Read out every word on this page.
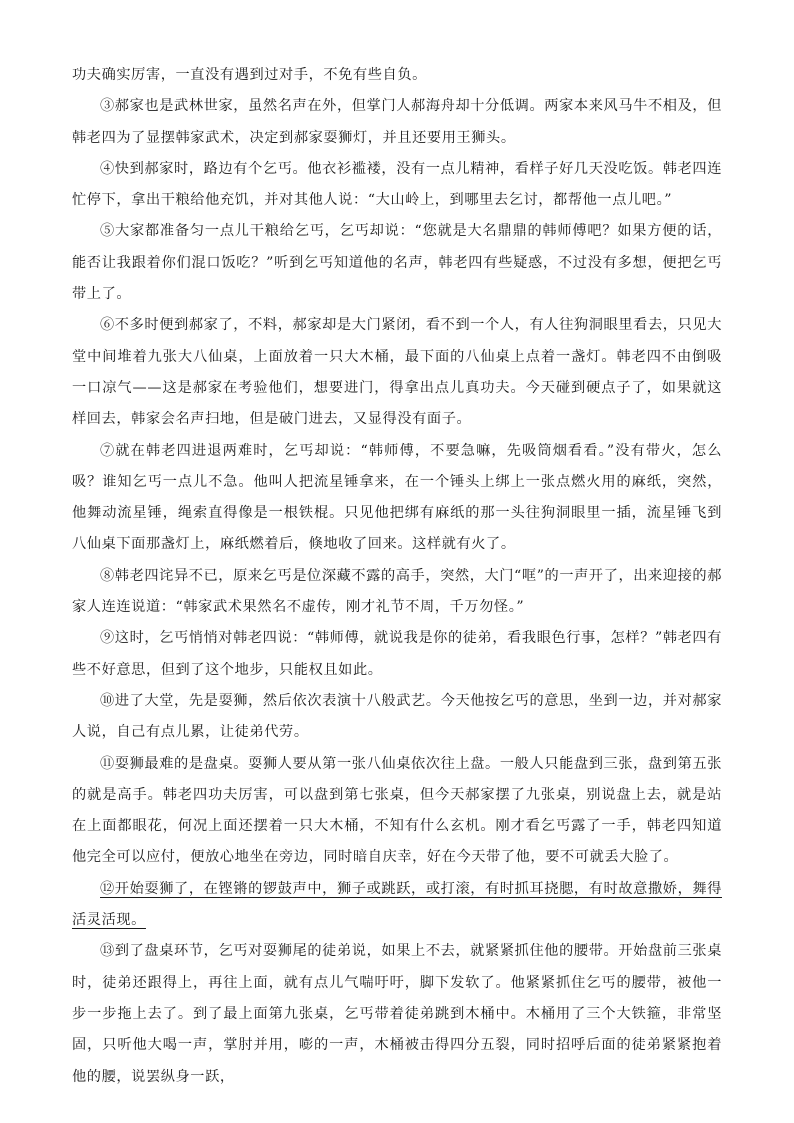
功夫确实厉害，一直没有遇到过对手，不免有些自负。

③郝家也是武林世家，虽然名声在外，但掌门人郝海舟却十分低调。两家本来风马牛不相及，但韩老四为了显摆韩家武术，决定到郝家耍狮灯，并且还要用王狮头。

④快到郝家时，路边有个乞丐。他衣衫褴褛，没有一点儿精神，看样子好几天没吃饭。韩老四连忙停下，拿出干粮给他充饥，并对其他人说：“大山岭上，到哪里去乞讨，都帮他一点儿吧。”

⑤大家都准备匀一点儿干粮给乞丐，乞丐却说：“您就是大名鼎鼎的韩师傅吧？如果方便的话，能否让我跟着你们混口饭吃？”听到乞丐知道他的名声，韩老四有些疑惑，不过没有多想，便把乞丐带上了。

⑥不多时便到郝家了，不料，郝家却是大门紧闭，看不到一个人，有人往狗洞眼里看去，只见大堂中间堆着九张大八仙桌，上面放着一只大木桶，最下面的八仙桌上点着一盏灯。韩老四不由倒吸一口凉气——这是郝家在考验他们，想要进门，得拿出点儿真功夫。今天碰到硬点子了，如果就这样回去，韩家会名声扫地，但是破门进去，又显得没有面子。

⑦就在韩老四进退两难时，乞丐却说：“韩师傅，不要急嘛，先吸筒烟看看。”没有带火，怎么吸？谁知乞丐一点儿不急。他叫人把流星锤拿来，在一个锤头上绑上一张点燃火用的麻纸，突然，他舞动流星锤，绳索直得像是一根铁棍。只见他把绑有麻纸的那一头往狗洞眼里一插，流星锤飞到八仙桌下面那盏灯上，麻纸燃着后，倏地收了回来。这样就有火了。

⑧韩老四诧异不已，原来乞丐是位深藏不露的高手，突然，大门“哐”的一声开了，出来迎接的郝家人连连说道：“韩家武术果然名不虚传，刚才礼节不周，千万勿怪。”

⑨这时，乞丐悄悄对韩老四说：“韩师傅，就说我是你的徒弟，看我眼色行事，怎样？”韩老四有些不好意思，但到了这个地步，只能权且如此。

⑩进了大堂，先是耍狮，然后依次表演十八般武艺。今天他按乞丐的意思，坐到一边，并对郝家人说，自己有点儿累，让徒弟代劳。

⑪耍狮最难的是盘桌。耍狮人要从第一张八仙桌依次往上盘。一般人只能盘到三张，盘到第五张的就是高手。韩老四功夫厉害，可以盘到第七张桌，但今天郝家摆了九张桌，别说盘上去，就是站在上面都眼花，何况上面还摆着一只大木桶，不知有什么玄机。刚才看乞丐露了一手，韩老四知道他完全可以应付，便放心地坐在旁边，同时暗自庆幸，好在今天带了他，要不可就丢大脸了。

⑫开始耍狮了，在铿锵的锣鼓声中，狮子或跳跃，或打滚，有时抓耳挠腮，有时故意撒娇，舞得活灵活现。

⑬到了盘桌环节，乞丐对耍狮尾的徒弟说，如果上不去，就紧紧抓住他的腰带。开始盘前三张桌时，徒弟还跟得上，再往上面，就有点儿气喘吁吁，脚下发软了。他紧紧抓住乞丐的腰带，被他一步一步拖上去了。到了最上面第九张桌，乞丐带着徒弟跳到木桶中。木桶用了三个大铁箍，非常坚固，只听他大喝一声，掌肘并用，嘭的一声，木桶被击得四分五裂，同时招呼后面的徒弟紧紧抱着他的腰，说罢纵身一跃，
